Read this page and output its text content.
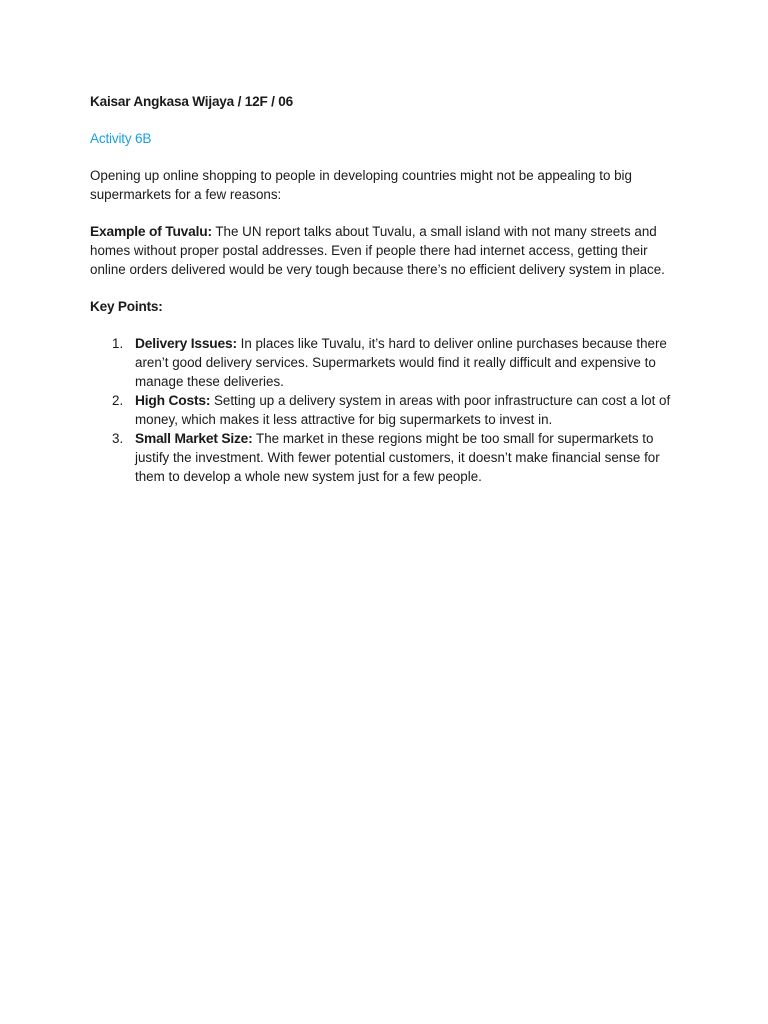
Kaisar Angkasa Wijaya / 12F / 06
Activity 6B

Opening up online shopping to people in developing countries might not be appealing to big supermarkets for a few reasons:

Example of Tuvalu: The UN report talks about Tuvalu, a small island with not many streets and homes without proper postal addresses. Even if people there had internet access, getting their online orders delivered would be very tough because there’s no efficient delivery system in place.

Key Points:
1. Delivery Issues: In places like Tuvalu, it’s hard to deliver online purchases because there aren’t good delivery services. Supermarkets would find it really difficult and expensive to manage these deliveries.
2. High Costs: Setting up a delivery system in areas with poor infrastructure can cost a lot of money, which makes it less attractive for big supermarkets to invest in.
3. Small Market Size: The market in these regions might be too small for supermarkets to justify the investment. With fewer potential customers, it doesn’t make financial sense for them to develop a whole new system just for a few people.
